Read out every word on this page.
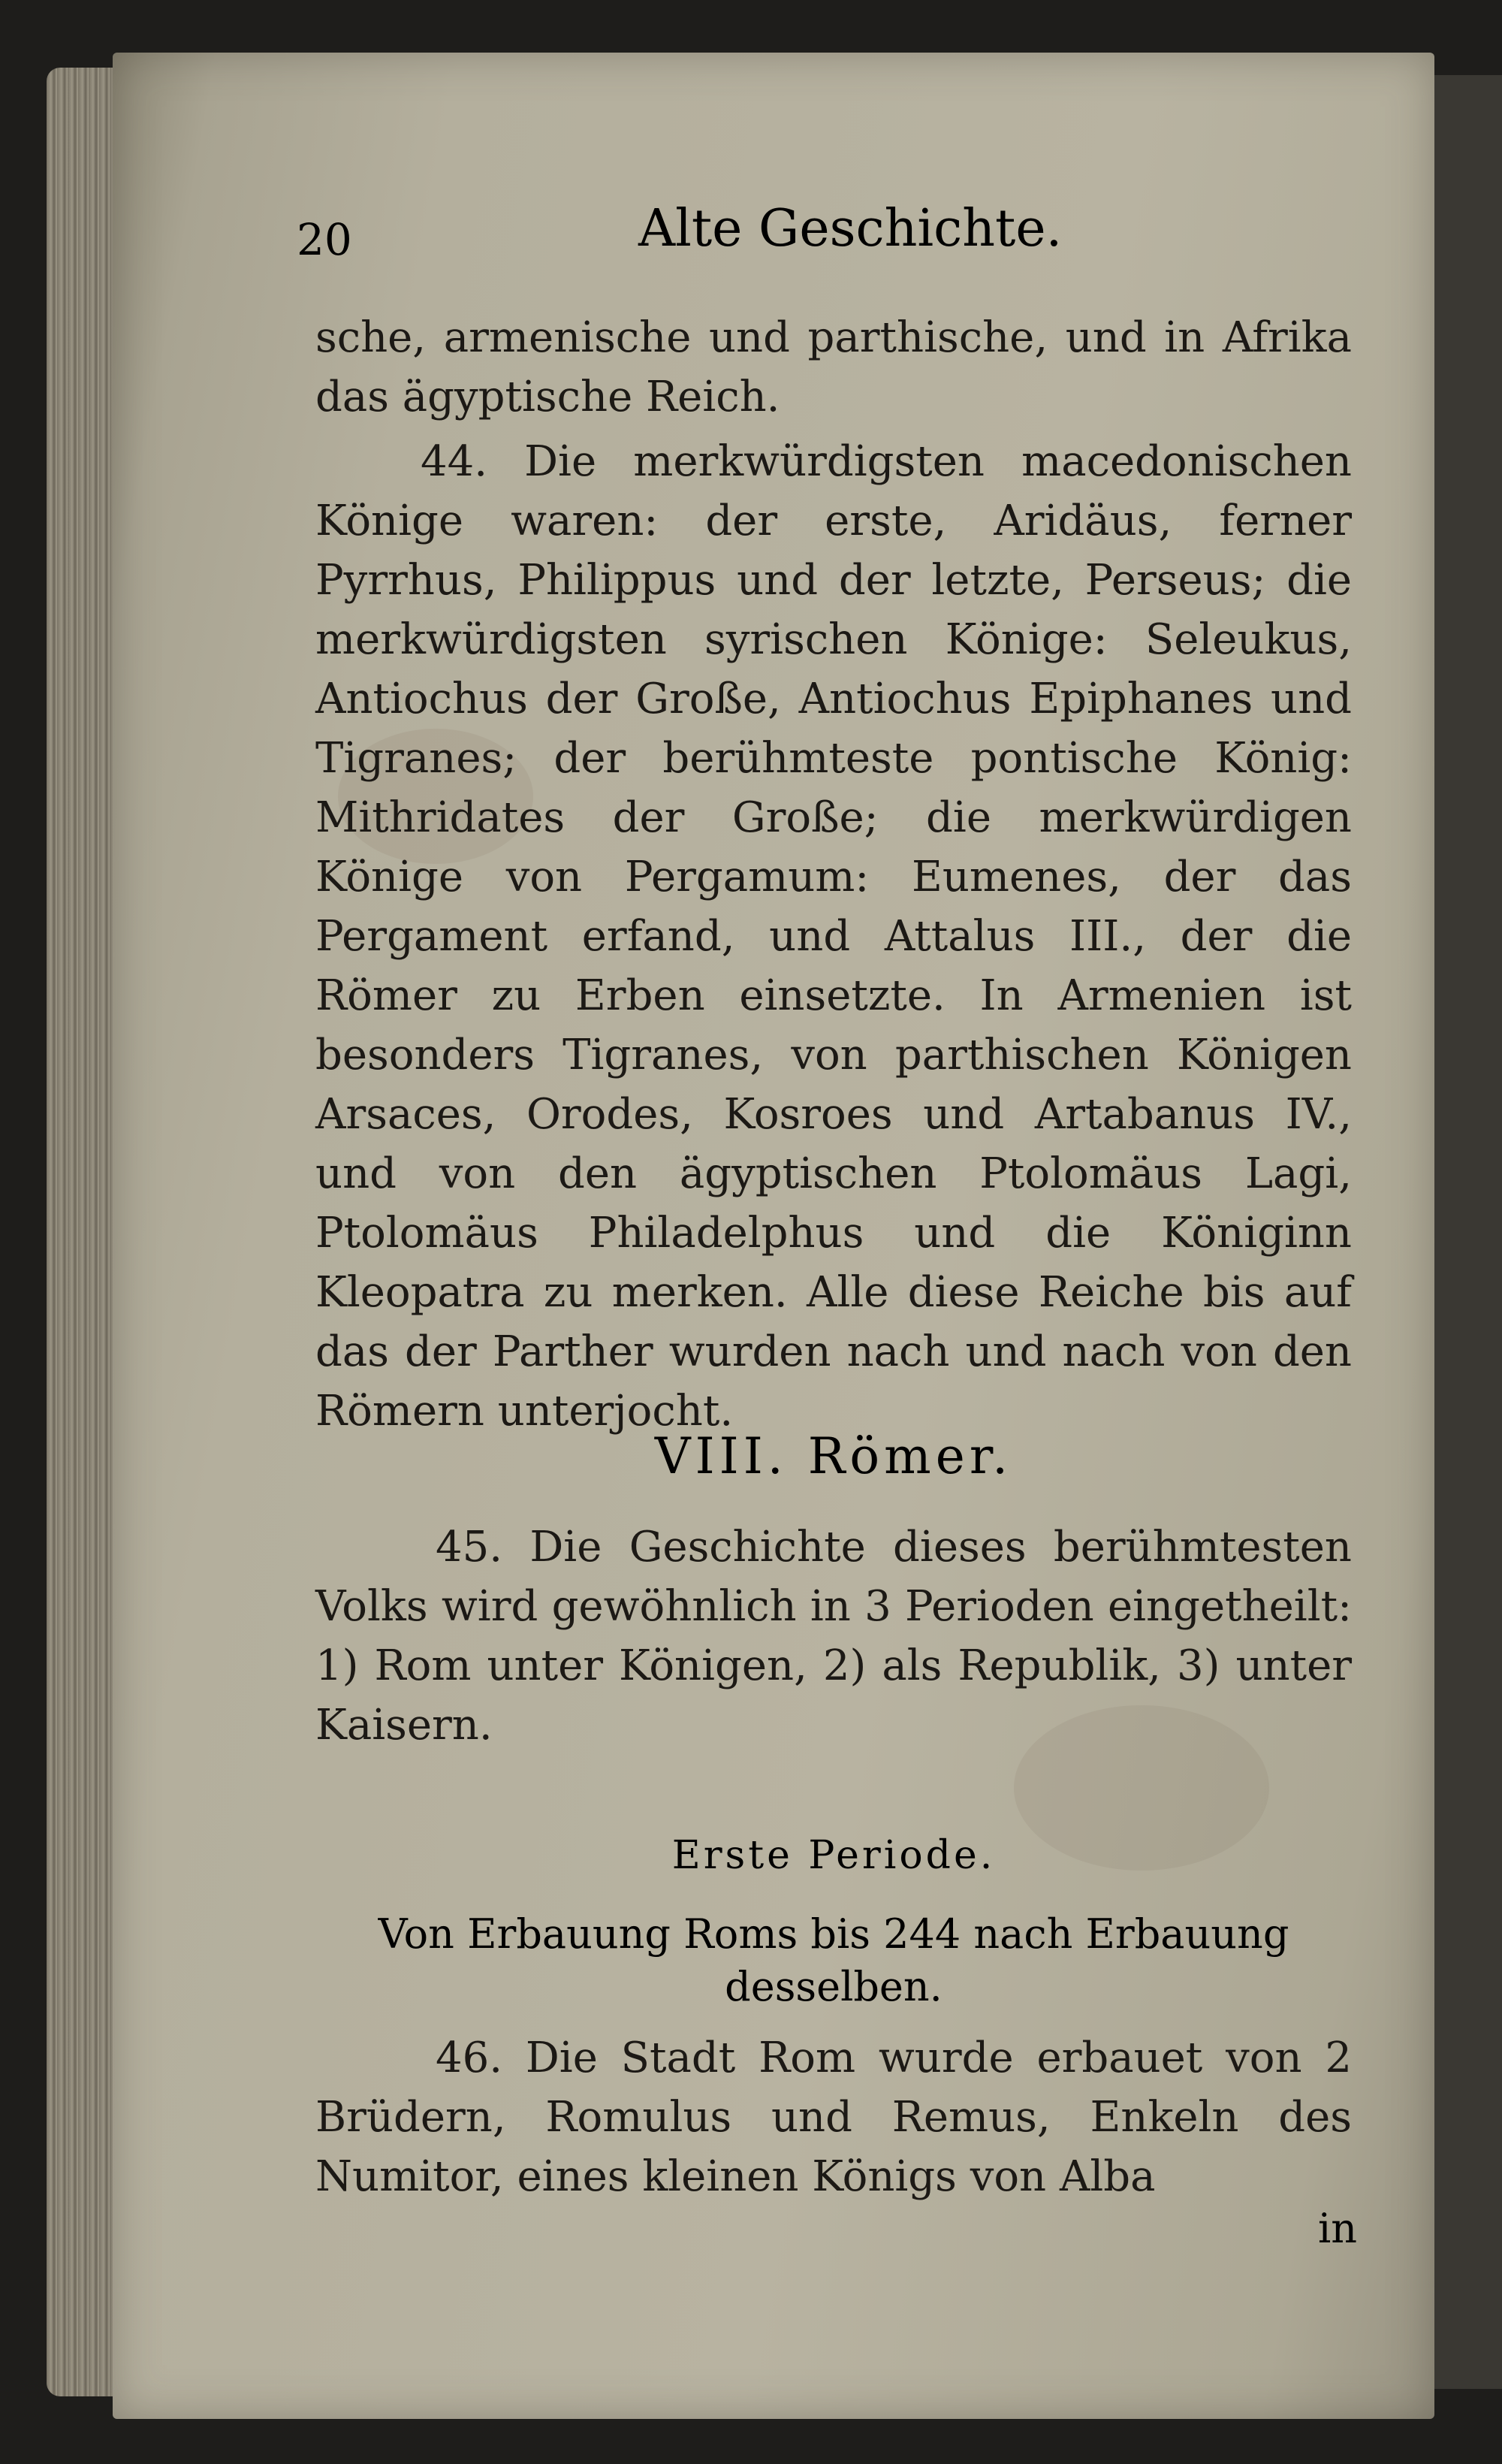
20	Alte Geschichte.
sche, armenische und parthische, und in Afrika das ägyptische Reich.
44. Die merkwürdigsten macedonischen Könige waren: der erste, Aridäus, ferner Pyrrhus, Philippus und der letzte, Perseus; die merkwürdigsten syrischen Könige: Seleukus, Antiochus der Große, Antiochus Epiphanes und Tigranes; der berühmteste pontische König: Mithridates der Große; die merkwürdigen Könige von Pergamum: Eumenes, der das Pergament erfand, und Attalus III., der die Römer zu Erben einsetzte. In Armenien ist besonders Tigranes, von parthischen Königen Arsaces, Orodes, Kosroes und Artabanus IV., und von den ägyptischen Ptolomäus Lagi, Ptolomäus Philadelphus und die Königinn Kleopatra zu merken. Alle diese Reiche bis auf das der Parther wurden nach und nach von den Römern unterjocht.
VIII. Römer.
45. Die Geschichte dieses berühmtesten Volks wird gewöhnlich in 3 Perioden eingetheilt: 1) Rom unter Königen, 2) als Republik, 3) unter Kaisern.
Erste Periode.
Von Erbauung Roms bis 244 nach Erbauung desselben.
46. Die Stadt Rom wurde erbauet von 2 Brüdern, Romulus und Remus, Enkeln des Numitor, eines kleinen Königs von Alba
in
